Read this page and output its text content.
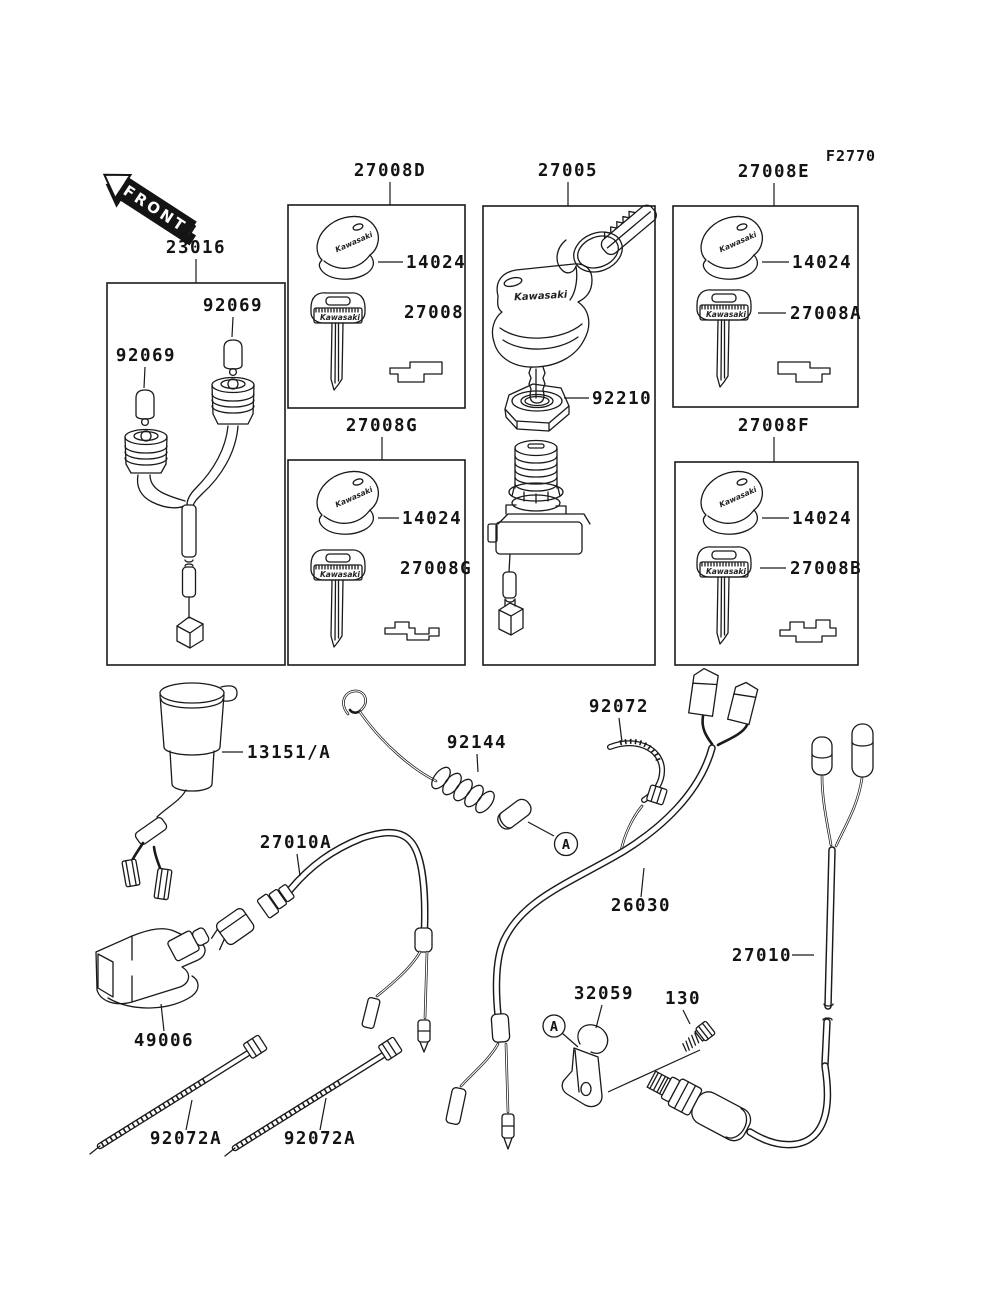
F2770
FRONT
23016
27008D	27005	27008E
27008G	27008F
92069
92069
Kawasaki
14024
Kawasaki
14024
Kawasaki
14024
Kawasaki
14024
Kawasaki	27008	Kawasaki	27008A
Kawasaki 27008G	Kawasaki	27008B
Kawasaki
92210
13151/A	92144
A
92072
26030
27010A
49006
92072A	92072A
32059
A
130
27010
